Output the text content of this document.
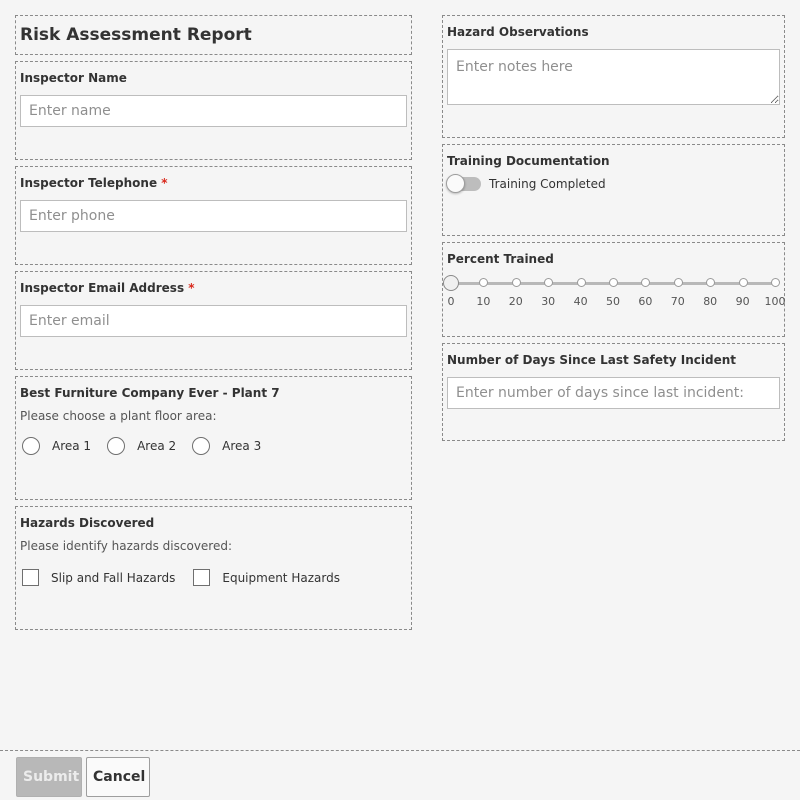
Risk Assessment Report
Inspector Name
Enter name
Inspector Telephone *
Enter phone
Inspector Email Address *
Enter email
Best Furniture Company Ever - Plant 7
Please choose a plant floor area:
Area 1	Area 2	Area 3
Hazards Discovered
Please identify hazards discovered:
Slip and Fall Hazards	Equipment Hazards
Hazard Observations
Enter notes here
Training Documentation
Training Completed
Percent Trained
0 10 20 30 40 50 60 70 80 90 100
Number of Days Since Last Safety Incident
Enter number of days since last incident:
Submit Cancel
